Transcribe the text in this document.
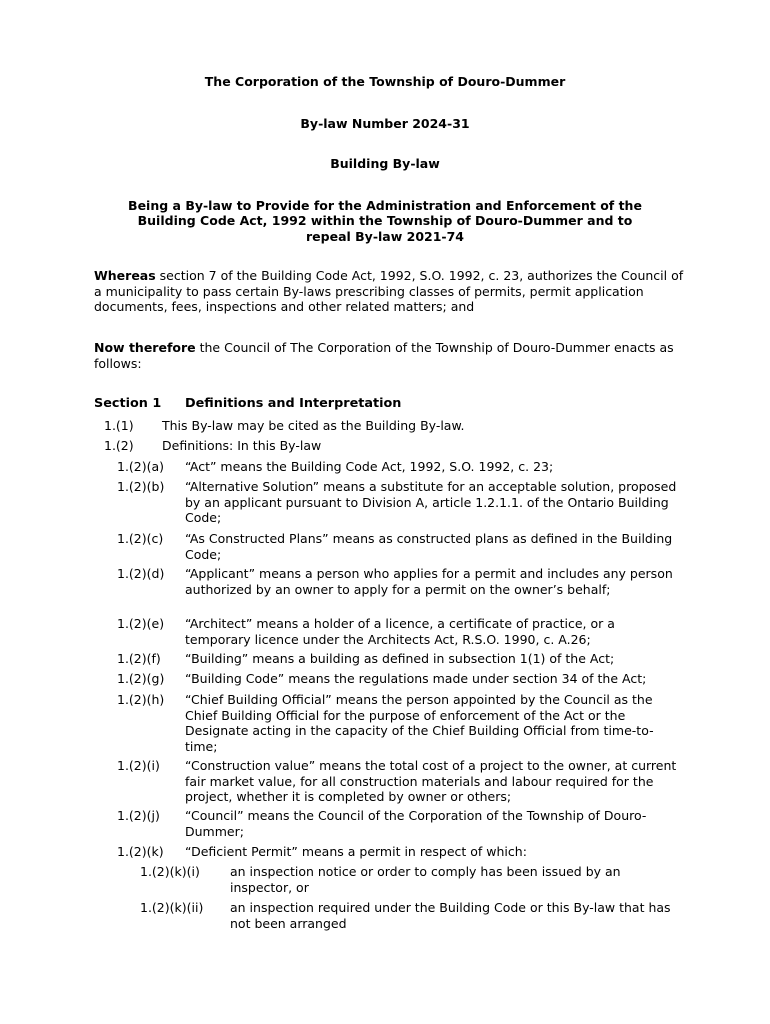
The Corporation of the Township of Douro-Dummer
By-law Number 2024-31
Building By-law
Being a By-law to Provide for the Administration and Enforcement of the
Building Code Act, 1992 within the Township of Douro-Dummer and to
repeal By-law 2021-74
Whereas section 7 of the Building Code Act, 1992, S.O. 1992, c. 23, authorizes the Council of a municipality to pass certain By-laws prescribing classes of permits, permit application documents, fees, inspections and other related matters; and
Now therefore the Council of The Corporation of the Township of Douro-Dummer enacts as follows:
Section 1 Definitions and Interpretation
1.(1) This By-law may be cited as the Building By-law.
1.(2) Definitions: In this By-law
1.(2)(a) “Act” means the Building Code Act, 1992, S.O. 1992, c. 23;
1.(2)(b) “Alternative Solution” means a substitute for an acceptable solution, proposed by an applicant pursuant to Division A, article 1.2.1.1. of the Ontario Building Code;
1.(2)(c) “As Constructed Plans” means as constructed plans as defined in the Building Code;
1.(2)(d) “Applicant” means a person who applies for a permit and includes any person authorized by an owner to apply for a permit on the owner’s behalf;
1.(2)(e) “Architect” means a holder of a licence, a certificate of practice, or a temporary licence under the Architects Act, R.S.O. 1990, c. A.26;
1.(2)(f) “Building” means a building as defined in subsection 1(1) of the Act;
1.(2)(g) “Building Code” means the regulations made under section 34 of the Act;
1.(2)(h) “Chief Building Official” means the person appointed by the Council as the Chief Building Official for the purpose of enforcement of the Act or the Designate acting in the capacity of the Chief Building Official from time-to-time;
1.(2)(i) “Construction value” means the total cost of a project to the owner, at current fair market value, for all construction materials and labour required for the project, whether it is completed by owner or others;
1.(2)(j) “Council” means the Council of the Corporation of the Township of Douro-Dummer;
1.(2)(k) “Deficient Permit” means a permit in respect of which:
1.(2)(k)(i) an inspection notice or order to comply has been issued by an inspector, or
1.(2)(k)(ii) an inspection required under the Building Code or this By-law that has not been arranged
